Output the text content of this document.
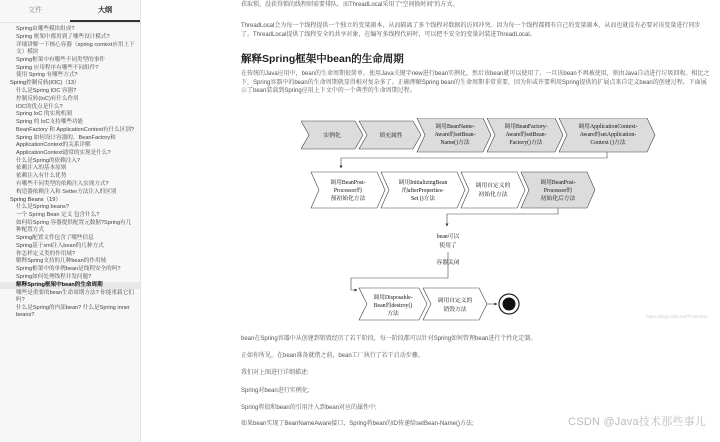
文件	大纲
Spring由哪些模块组成?
Spring 框架中都用到了哪些设计模式?
详细讲解一下核心容器（spring context应用上下文）模块
Spring框架中有哪些不同类型的事件
Spring 应用程序有哪些不同组件?
使用 Spring 有哪些方式?
Spring控制反转(IOC)（13）
什么是Spring IOC 容器?
控制反转(IoC)有什么作用
IOC的优点是什么?
Spring IoC 的实现机制
Spring 的 IoC支持哪些功能
BeanFactory 和 ApplicationContext有什么区别?
Spring 如何设计容器的，BeanFactory和ApplicationContext的关系详解
ApplicationContext通常的实现是什么?
什么是Spring的依赖注入?
依赖注入的基本原则
依赖注入有什么优势
有哪些不同类型的依赖注入实现方式?
构造器依赖注入和 Setter方法注入的区别
Spring Beans（19）
什么是Spring beans?
一个 Spring Bean 定义 包含什么?
如何给Spring 容器提供配置元数据?Spring有几种配置方式
Spring配置文件包含了哪些信息
Spring基于xml注入bean的几种方式
你怎样定义类的作用域?
解释Spring支持的几种bean的作用域
Spring框架中的单例bean是线程安全的吗?
Spring如何处理线程并发问题?
解释Spring框架中bean的生命周期
哪些是重要的bean生命周期方法? 你能重载它们吗?
什么是Spring的内部bean? 什么是Spring inner beans?

获取锁，没获得锁的线程则需要排队。而ThreadLocal采用了“空间换时间”的方式。

ThreadLocal会为每一个线程提供一个独立的变量副本，从而隔离了多个线程对数据的访问冲突。因为每一个线程都拥有自己的变量副本，从而也就没有必要对该变量进行同步了。ThreadLocal提供了线程安全的共享对象，在编写多线程代码时，可以把不安全的变量封装进ThreadLocal。

解释Spring框架中bean的生命周期

在传统的Java应用中，bean的生命周期很简单。使用Java关键字new进行bean实例化，然后该bean就可以使用了。一旦该bean不再被使用，则由Java自动进行垃圾回收。相比之下，Spring容器中的bean的生命周期就显得相对复杂多了。正确理解Spring bean的生命周期非常重要，因为你或许要利用Spring提供的扩展点来自定义bean的创建过程。下面展示了bean装载到Spring应用上下文中的一个典型的生命周期过程。

实例化	填充属性
调用BeanName-
Aware的setBean-
Name()方法
调用BeanFactory-
Aware的setBean-
Factory()方法
调用ApplicationContext-
Aware的setApplication-
Context ()方法
调用BeanPost-
Processor的
预初始化方法
调用InitializingBean
的afterProperties-
Set ()方法
调用自定义的
初始化方法
调用BeanPost-
Processor的
初始化后方法
bean可以
使用了
容器关闭
调用Disposable-
Bean的destroy()
方法
调用自定义的
销毁方法
https://blog.csdn.net/ThinkWon

bean在Spring容器中从创建到销毁经历了若干阶段，每一阶段都可以针对Spring如何管理bean进行个性化定制。

正如你所见，在bean准备就绪之前，bean工厂执行了若干启动步骤。

我们对上图进行详细描述:

Spring对bean进行实例化;

Spring将值和bean的引用注入到bean对应的属性中;

如果bean实现了BeanNameAware接口，Spring将bean的ID传递给setBean-Name()方法;	CSDN @Java技术那些事儿
